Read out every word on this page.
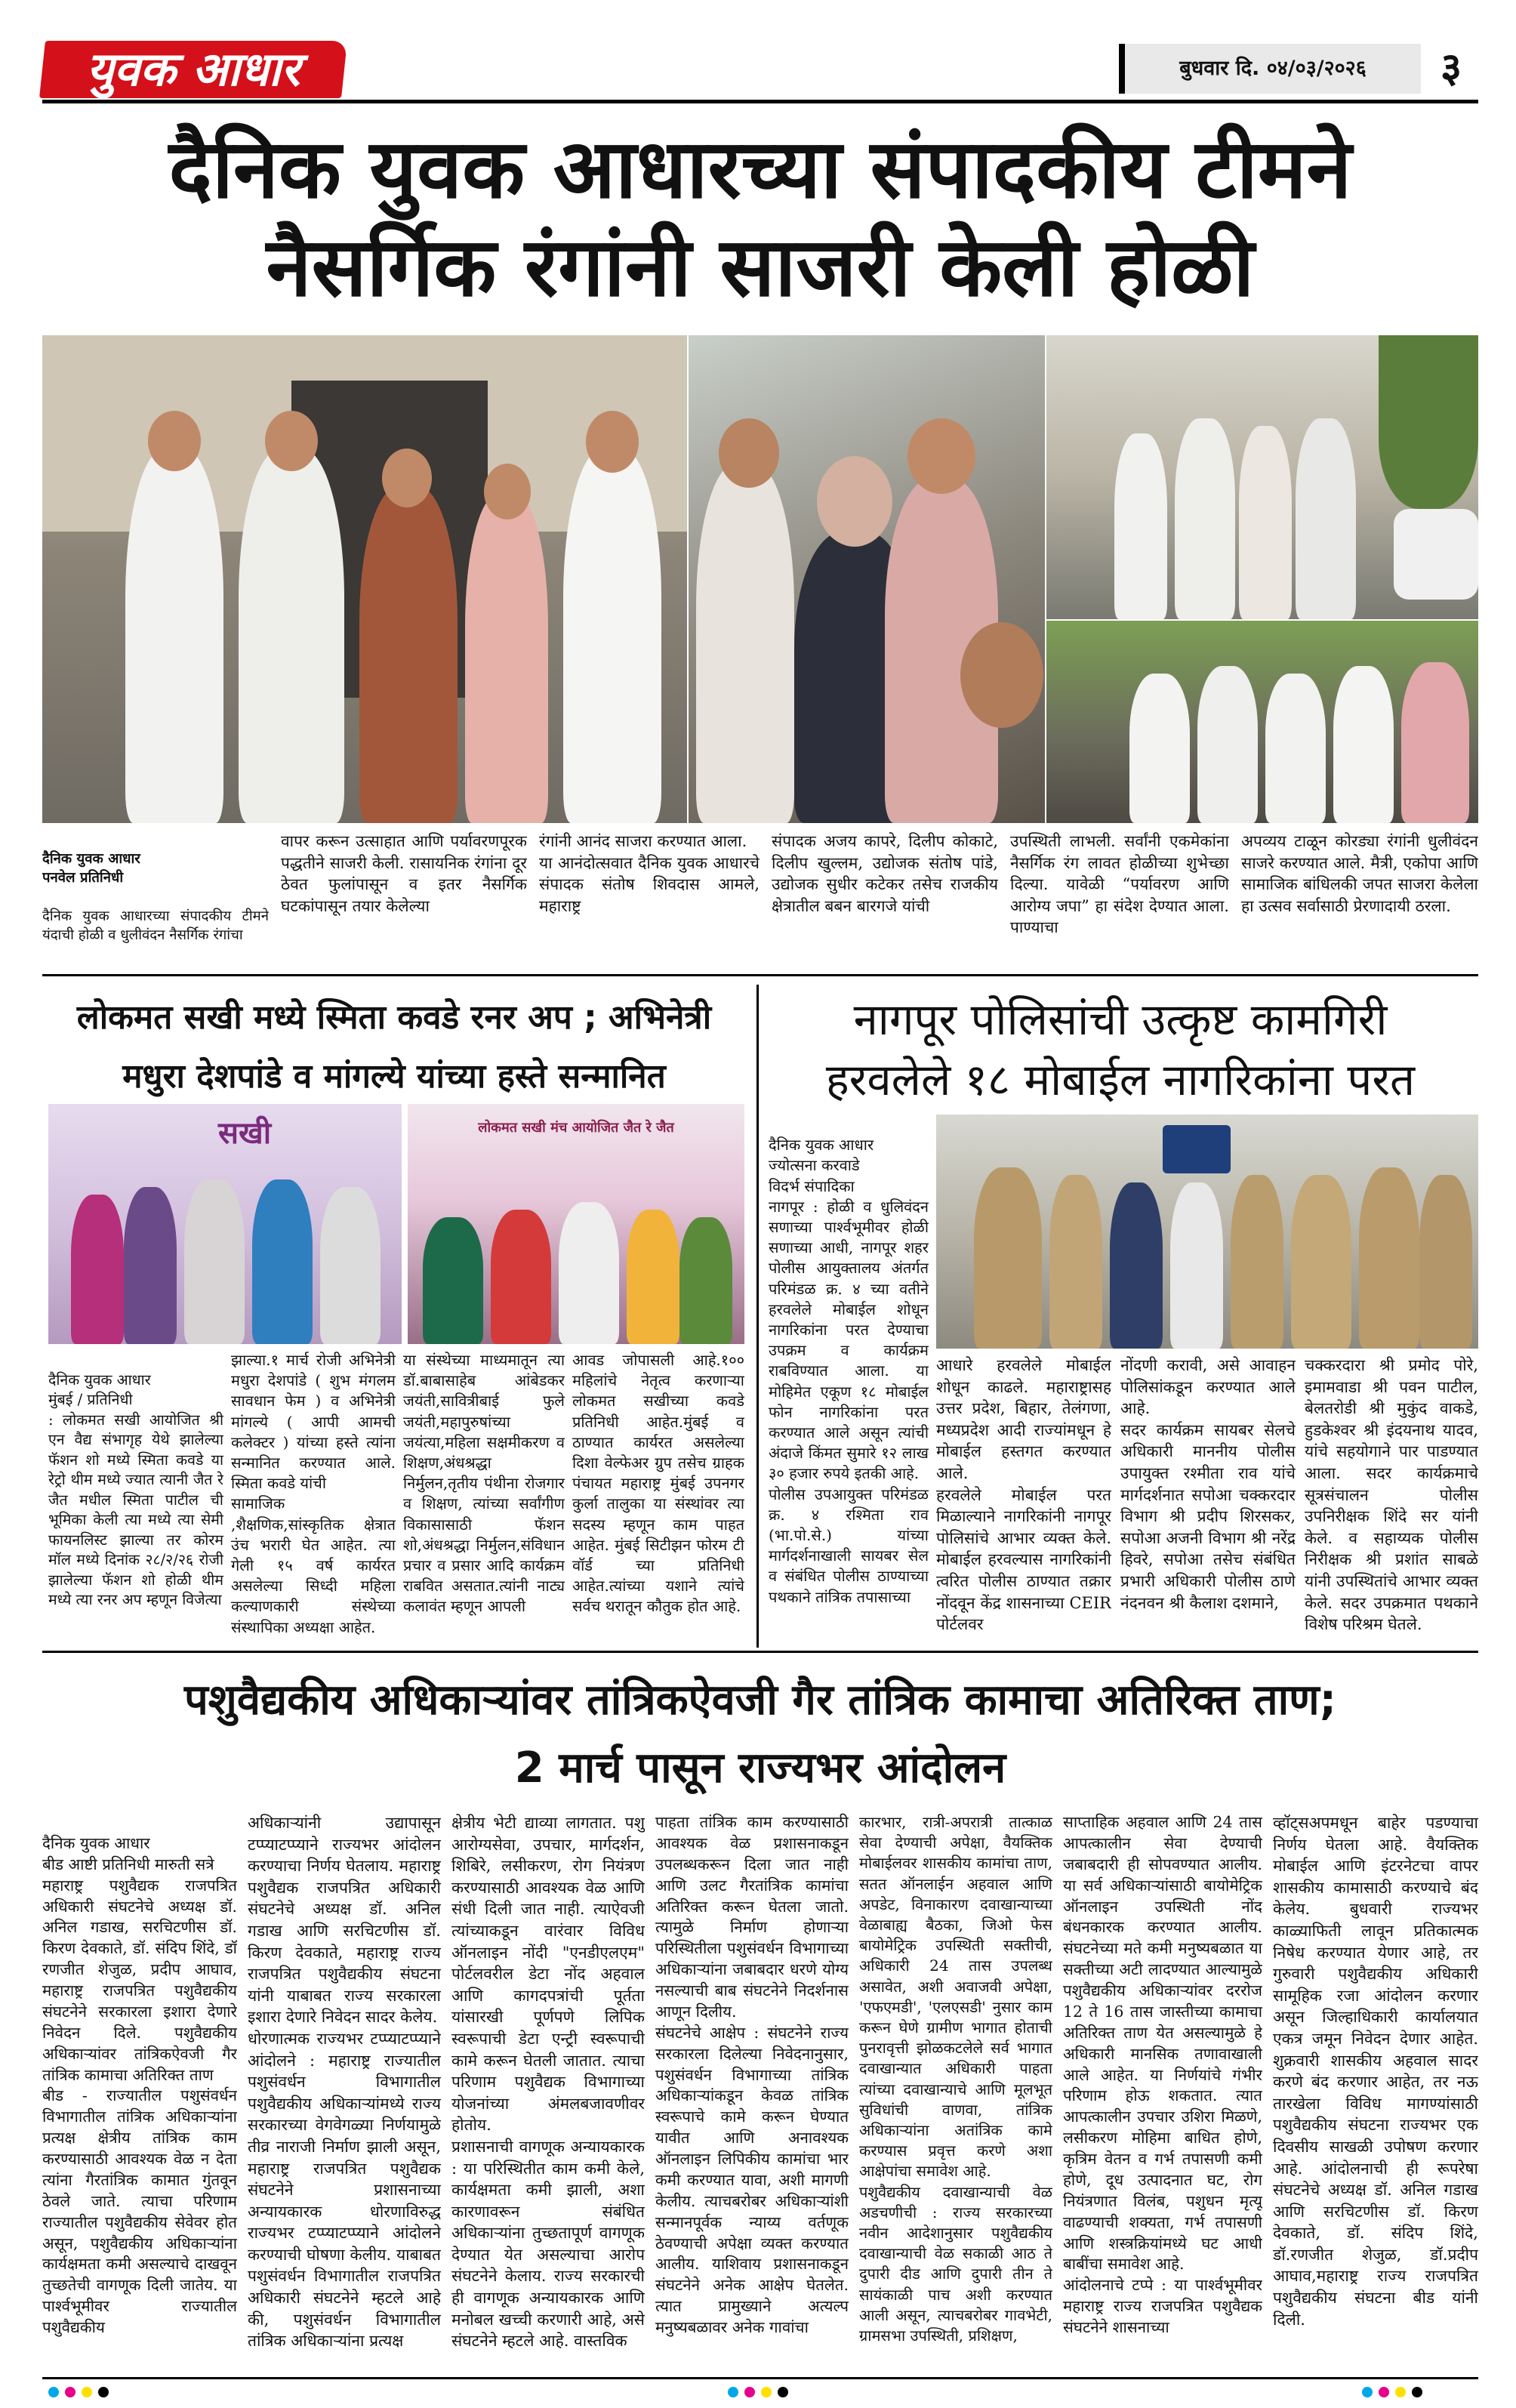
युवक आधार	बुधवार दि. ०४/०३/२०२६	३
दैनिक युवक आधारच्या संपादकीय टीमने
नैसर्गिक रंगांनी साजरी केली होळी

दैनिक युवक आधार
पनवेल प्रतिनिधी

दैनिक युवक आधारच्या संपादकीय टीमने यंदाची होळी व धुलीवंदन नैसर्गिक रंगांचा

वापर करून उत्साहात आणि पर्यावरणपूरक पद्धतीने साजरी केली. रासायनिक रंगांना दूर ठेवत फुलांपासून व इतर नैसर्गिक घटकांपासून तयार केलेल्या
रंगांनी आनंद साजरा करण्यात आला.
या आनंदोत्सवात दैनिक युवक आधारचे संपादक संतोष शिवदास आमले, महाराष्ट्र
संपादक अजय कापरे, दिलीप कोकाटे, दिलीप खुल्लम, उद्योजक संतोष पांडे, उद्योजक सुधीर कटेकर तसेच राजकीय क्षेत्रातील बबन बारगजे यांची
उपस्थिती लाभली. सर्वांनी एकमेकांना नैसर्गिक रंग लावत होळीच्या शुभेच्छा दिल्या. यावेळी “पर्यावरण आणि आरोग्य जपा” हा संदेश देण्यात आला. पाण्याचा
अपव्यय टाळून कोरड्या रंगांनी धुलीवंदन साजरे करण्यात आले. मैत्री, एकोपा आणि सामाजिक बांधिलकी जपत साजरा केलेला हा उत्सव सर्वासाठी प्रेरणादायी ठरला.
लोकमत सखी मध्ये स्मिता कवडे रनर अप ; अभिनेत्री
मधुरा देशपांडे व मांगल्ये यांच्या हस्ते सन्मानित
सखी	लोकमत सखी मंच आयोजित जैत रे जैत

दैनिक युवक आधार
मुंबई / प्रतिनिधी
: लोकमत सखी आयोजित श्री एन वैद्य संभागृह येथे झालेल्या फॅशन शो मध्ये स्मिता कवडे या रेट्रो थीम मध्ये ज्यात त्यानी जैत रे जैत मधील स्मिता पाटील ची भूमिका केली त्या मध्ये त्या सेमी फायनलिस्ट झाल्या तर कोरम मॉल मध्ये दिनांक २८/२/२६ रोजी झालेल्या फॅशन शो होळी थीम मध्ये त्या रनर अप म्हणून विजेत्या

झाल्या.१ मार्च रोजी अभिनेत्री मधुरा देशपांडे ( शुभ मंगलम सावधान फेम ) व अभिनेत्री मांगल्ये ( आपी आमची कलेक्टर ) यांच्या हस्ते त्यांना सन्मानित करण्यात आले. स्मिता कवडे यांची
सामाजिक ,शैक्षणिक,सांस्कृतिक क्षेत्रात उंच भरारी घेत आहेत. त्या गेली १५ वर्ष कार्यरत असलेल्या सिध्दी महिला कल्याणकारी संस्थेच्या संस्थापिका अध्यक्षा आहेत.
या संस्थेच्या माध्यमातून त्या डॉ.बाबासाहेब आंबेडकर जयंती,सावित्रीबाई फुले जयंती,महापुरुषांच्या जयंत्या,महिला सक्षमीकरण व शिक्षण,अंधश्रद्धा निर्मुलन,तृतीय पंथीना रोजगार व शिक्षण, त्यांच्या सर्वांगीण विकासासाठी फॅशन शो,अंधश्रद्धा निर्मुलन,संविधान प्रचार व प्रसार आदि कार्यक्रम राबवित असतात.त्यांनी नाट्य कलावंत म्हणून आपली
आवड जोपासली आहे.१०० महिलांचे नेतृत्व करणाऱ्या लोकमत सखीच्या कवडे प्रतिनिधी आहेत.मुंबई व ठाण्यात कार्यरत असलेल्या दिशा वेल्फेअर ग्रुप तसेच ग्राहक पंचायत महाराष्ट्र मुंबई उपनगर कुर्ला तालुका या संस्थांवर त्या सदस्य म्हणून काम पाहत आहेत. मुंबई सिटीझन फोरम टी वॉर्ड च्या प्रतिनिधी आहेत.त्यांच्या यशाने त्यांचे सर्वच थरातून कौतुक होत आहे.
नागपूर पोलिसांची उत्कृष्ट कामगिरी
हरवलेले १८ मोबाईल नागरिकांना परत

दैनिक युवक आधार
ज्योत्सना करवाडे
विदर्भ संपादिका
नागपूर : होळी व धुलिवंदन सणाच्या पार्श्वभूमीवर होळी सणाच्या आधी, नागपूर शहर पोलीस आयुक्तालय अंतर्गत परिमंडळ क्र. ४ च्या वतीने हरवलेले मोबाईल शोधून नागरिकांना परत देण्याचा उपक्रम व कार्यक्रम राबविण्यात आला. या मोहिमेत एकूण १८ मोबाईल फोन नागरिकांना परत करण्यात आले असून त्यांची अंदाजे किंमत सुमारे १२ लाख ३० हजार रुपये इतकी आहे.
पोलीस उपआयुक्त परिमंडळ क्र. ४ रश्मिता राव (भा.पो.से.) यांच्या मार्गदर्शनाखाली सायबर सेल व संबंधित पोलीस ठाण्याच्या पथकाने तांत्रिक तपासाच्या

आधारे हरवलेले मोबाईल शोधून काढले. महाराष्ट्रासह उत्तर प्रदेश, बिहार, तेलंगणा, मध्यप्रदेश आदी राज्यांमधून हे मोबाईल हस्तगत करण्यात आले.
हरवलेले मोबाईल परत मिळाल्याने नागरिकांनी नागपूर पोलिसांचे आभार व्यक्त केले. मोबाईल हरवल्यास नागरिकांनी त्वरित पोलीस ठाण्यात तक्रार नोंदवून केंद्र शासनाच्या CEIR पोर्टलवर
नोंदणी करावी, असे आवाहन पोलिसांकडून करण्यात आले आहे.
सदर कार्यक्रम सायबर सेलचे अधिकारी माननीय पोलीस उपायुक्त रश्मीता राव यांचे मार्गदर्शनात सपोआ चक्करदार विभाग श्री प्रदीप शिरसकर, सपोआ अजनी विभाग श्री नरेंद्र हिवरे, सपोआ तसेच संबंधित प्रभारी अधिकारी पोलीस ठाणे नंदनवन श्री कैलाश दशमाने,
चक्करदारा श्री प्रमोद पोरे, इमामवाडा श्री पवन पाटील, बेलतरोडी श्री मुकुंद वाकडे, हुडकेश्वर श्री इंदयनाथ यादव, यांचे सहयोगाने पार पाडण्यात आला. सदर कार्यक्रमाचे सूत्रसंचालन पोलीस उपनिरीक्षक शिंदे सर यांनी केले. व सहाय्यक पोलीस निरीक्षक श्री प्रशांत साबळे यांनी उपस्थितांचे आभार व्यक्त केले. सदर उपक्रमात पथकाने विशेष परिश्रम घेतले.
पशुवैद्यकीय अधिकाऱ्यांवर तांत्रिकऐवजी गैर तांत्रिक कामाचा अतिरिक्त ताण;
2 मार्च पासून राज्यभर आंदोलन

दैनिक युवक आधार
बीड आष्टी प्रतिनिधी मारुती सत्रे
महाराष्ट्र पशुवैद्यक राजपत्रित अधिकारी संघटनेचे अध्यक्ष डॉ. अनिल गडाख, सरचिटणीस डॉ. किरण देवकाते, डॉ. संदिप शिंदे, डॉ रणजीत शेजुळ, प्रदीप आघाव, महाराष्ट्र राजपत्रित पशुवैद्यकीय संघटनेने सरकारला इशारा देणारे निवेदन दिले. पशुवैद्यकीय अधिकाऱ्यांवर तांत्रिकऐवजी गैर तांत्रिक कामाचा अतिरिक्त ताण
बीड - राज्यातील पशुसंवर्धन विभागातील तांत्रिक अधिकाऱ्यांना प्रत्यक्ष क्षेत्रीय तांत्रिक काम करण्यासाठी आवश्यक वेळ न देता त्यांना गैरतांत्रिक कामात गुंतवून ठेवले जाते. त्याचा परिणाम राज्यातील पशुवैद्यकीय सेवेवर होत असून, पशुवैद्यकीय अधिकाऱ्यांना कार्यक्षमता कमी असल्याचे दाखवून तुच्छतेची वागणूक दिली जातेय. या पार्श्वभूमीवर राज्यातील पशुवैद्यकीय

अधिकाऱ्यांनी उद्यापासून टप्प्याटप्प्याने राज्यभर आंदोलन करण्याचा निर्णय घेतलाय. महाराष्ट्र पशुवैद्यक राजपत्रित अधिकारी संघटनेचे अध्यक्ष डॉ. अनिल गडाख आणि सरचिटणीस डॉ. किरण देवकाते, महाराष्ट्र राज्य राजपत्रित पशुवैद्यकीय संघटना यांनी याबाबत राज्य सरकारला इशारा देणारे निवेदन सादर केलेय.
धोरणात्मक राज्यभर टप्प्याटप्प्याने आंदोलने : महाराष्ट्र राज्यातील पशुसंवर्धन विभागातील पशुवैद्यकीय अधिकाऱ्यांमध्ये राज्य सरकारच्या वेगवेगळ्या निर्णयामुळे तीव्र नाराजी निर्माण झाली असून, महाराष्ट्र राजपत्रित पशुवैद्यक संघटनेने प्रशासनाच्या अन्यायकारक धोरणाविरुद्ध राज्यभर टप्प्याटप्प्याने आंदोलने करण्याची घोषणा केलीय. याबाबत पशुसंवर्धन विभागातील राजपत्रित अधिकारी संघटनेने म्हटले आहे की, पशुसंवर्धन विभागातील तांत्रिक अधिकाऱ्यांना प्रत्यक्ष
क्षेत्रीय भेटी द्याव्या लागतात. पशु आरोग्यसेवा, उपचार, मार्गदर्शन, शिबिरे, लसीकरण, रोग नियंत्रण करण्यासाठी आवश्यक वेळ आणि संधी दिली जात नाही. त्याऐवजी त्यांच्याकडून वारंवार विविध ऑनलाइन नोंदी "एनडीएलएम" पोर्टलवरील डेटा नोंद अहवाल आणि कागदपत्रांची पूर्तता यांसारखी पूर्णपणे लिपिक स्वरूपाची डेटा एन्ट्री स्वरूपाची कामे करून घेतली जातात. त्याचा परिणाम पशुवैद्यक विभागाच्या योजनांच्या अंमलबजावणीवर होतोय.
प्रशासनाची वागणूक अन्यायकारक : या परिस्थितीत काम कमी केले, कार्यक्षमता कमी झाली, अशा कारणावरून संबंधित अधिकाऱ्यांना तुच्छतापूर्ण वागणूक देण्यात येत असल्याचा आरोप संघटनेने केलाय. राज्य सरकारची ही वागणूक अन्यायकारक आणि मनोबल खच्ची करणारी आहे, असे संघटनेने म्हटले आहे. वास्तविक
पाहता तांत्रिक काम करण्यासाठी आवश्यक वेळ प्रशासनाकडून उपलब्धकरून दिला जात नाही आणि उलट गैरतांत्रिक कामांचा अतिरिक्त करून घेतला जातो. त्यामुळे निर्माण होणाऱ्या परिस्थितीला पशुसंवर्धन विभागाच्या अधिकाऱ्यांना जबाबदार धरणे योग्य नसल्याची बाब संघटनेने निदर्शनास आणून दिलीय.
संघटनेचे आक्षेप : संघटनेने राज्य सरकारला दिलेल्या निवेदनानुसार, पशुसंवर्धन विभागाच्या तांत्रिक अधिकाऱ्यांकडून केवळ तांत्रिक स्वरूपाचे कामे करून घेण्यात यावीत आणि अनावश्यक ऑनलाइन लिपिकीय कामांचा भार कमी करण्यात यावा, अशी मागणी केलीय. त्याचबरोबर अधिकाऱ्यांशी सन्मानपूर्वक न्याय्य वर्तणूक ठेवण्याची अपेक्षा व्यक्त करण्यात आलीय. याशिवाय प्रशासनाकडून संघटनेने अनेक आक्षेप घेतलेत. त्यात प्रामुख्याने अत्यल्प मनुष्यबळावर अनेक गावांचा
कारभार, रात्री-अपरात्री तात्काळ सेवा देण्याची अपेक्षा, वैयक्तिक मोबाईलवर शासकीय कामांचा ताण, सतत ऑनलाईन अहवाल आणि अपडेट, विनाकारण दवाखान्याच्या वेळाबाह्य बैठका, जिओ फेस बायोमेट्रिक उपस्थिती सक्तीची, अधिकारी 24 तास उपलब्ध असावेत, अशी अवाजवी अपेक्षा, 'एफएमडी', 'एलएसडी' नुसार काम करून घेणे ग्रामीण भागात होताची पुनरावृत्ती झोळकटलेले सर्व भागात दवाखान्यात अधिकारी पाहता त्यांच्या दवाखान्याचे आणि मूलभूत सुविधांची वाणवा, तांत्रिक अधिकाऱ्यांना अतांत्रिक कामे करण्यास प्रवृत्त करणे अशा आक्षेपांचा समावेश आहे.
पशुवैद्यकीय दवाखान्याची वेळ अडचणीची : राज्य सरकारच्या नवीन आदेशानुसार पशुवैद्यकीय दवाखान्याची वेळ सकाळी आठ ते दुपारी दीड आणि दुपारी तीन ते सायंकाळी पाच अशी करण्यात आली असून, त्याचबरोबर गावभेटी, ग्रामसभा उपस्थिती, प्रशिक्षण,
साप्ताहिक अहवाल आणि 24 तास आपत्कालीन सेवा देण्याची जबाबदारी ही सोपवण्यात आलीय. या सर्व अधिकाऱ्यांसाठी बायोमेट्रिक ऑनलाइन उपस्थिती नोंद बंधनकारक करण्यात आलीय. संघटनेच्या मते कमी मनुष्यबळात या सक्तीच्या अटी लादण्यात आल्यामुळे पशुवैद्यकीय अधिकाऱ्यांवर दररोज 12 ते 16 तास जास्तीच्या कामाचा अतिरिक्त ताण येत असल्यामुळे हे अधिकारी मानसिक तणावाखाली आले आहेत. या निर्णयांचे गंभीर परिणाम होऊ शकतात. त्यात आपत्कालीन उपचार उशिरा मिळणे, लसीकरण मोहिमा बाधित होणे, कृत्रिम वेतन व गर्भ तपासणी कमी होणे, दूध उत्पादनात घट, रोग नियंत्रणात विलंब, पशुधन मृत्यू वाढण्याची शक्यता, गर्भ तपासणी आणि शस्त्रक्रियांमध्ये घट आधी बाबींचा समावेश आहे.
आंदोलनाचे टप्पे : या पार्श्वभूमीवर महाराष्ट्र राज्य राजपत्रित पशुवैद्यक संघटनेने शासनाच्या
व्हॉट्सअपमधून बाहेर पडण्याचा निर्णय घेतला आहे. वैयक्तिक मोबाईल आणि इंटरनेटचा वापर शासकीय कामासाठी करण्याचे बंद केलेय. बुधवारी राज्यभर काळ्याफिती लावून प्रतिकात्मक निषेध करण्यात येणार आहे, तर गुरुवारी पशुवैद्यकीय अधिकारी सामूहिक रजा आंदोलन करणार असून जिल्हाधिकारी कार्यालयात एकत्र जमून निवेदन देणार आहेत. शुक्रवारी शासकीय अहवाल सादर करणे बंद करणार आहेत, तर नऊ तारखेला विविध मागण्यांसाठी पशुवैद्यकीय संघटना राज्यभर एक दिवसीय साखळी उपोषण करणार आहे. आंदोलनाची ही रूपरेषा संघटनेचे अध्यक्ष डॉ. अनिल गडाख आणि सरचिटणीस डॉ. किरण देवकाते, डॉ. संदिप शिंदे, डॉ.रणजीत शेजुळ, डॉ.प्रदीप आघाव,महाराष्ट्र राज्य राजपत्रित पशुवैद्यकीय संघटना बीड यांनी दिली.
